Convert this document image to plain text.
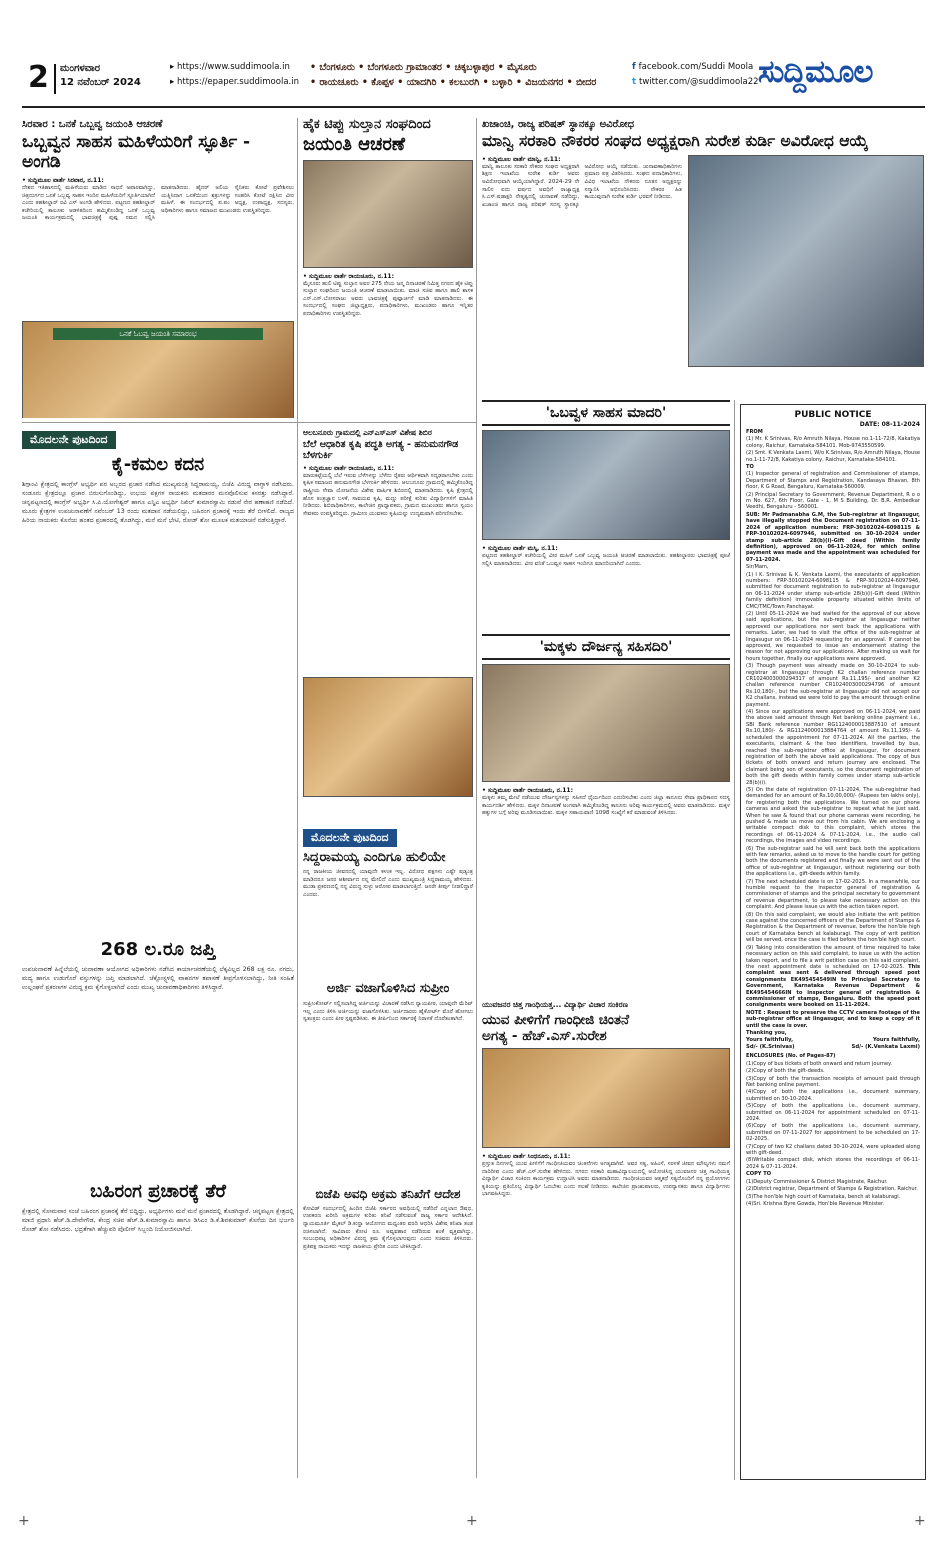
2 ಮಂಗಳವಾರ
12 ನವೆಂಬರ್ 2024
▸ https://www.suddimoola.in
▸ https://epaper.suddimoola.in
• ಬೆಂಗಳೂರು • ಬೆಂಗಳೂರು ಗ್ರಾಮಾಂತರ • ಚಿಕ್ಕಬಳ್ಳಾಪುರ • ಮೈಸೂರು
• ರಾಯಚೂರು • ಕೊಪ್ಪಳ • ಯಾದಗಿರಿ • ಕಲಬುರಗಿ • ಬಳ್ಳಾರಿ • ವಿಜಯನಗರ • ಬೀದರ
f facebook.com/Suddi Moola
t twitter.com/@suddimoola22 ಸುದ್ದಿಮೂಲ
ಸಿರವಾರ : ಒನಕೆ ಒಬ್ಬವ್ವ ಜಯಂತಿ ಆಚರಣೆ
ಒಬ್ಬವ್ವನ ಸಾಹಸ ಮಹಿಳೆಯರಿಗೆ ಸ್ಫೂರ್ತಿ - ಅಂಗಡಿ
• ಸುದ್ದಿಮೂಲ ವಾರ್ತೆ ಸಿರವಾರ, ನ.11:
ದೇಶದ ಇತಿಹಾಸದಲ್ಲಿ ಮಹಿಳೆಯರು ಮಾಡಿದ ಸಾಧನೆ ಅಪಾರವಾಗಿದ್ದು, ಚಿತ್ರದುರ್ಗದ ಒನಕೆ ಒಬ್ಬವ್ವ ಸಾಹಸ ಇಂದಿನ ಮಹಿಳೆಯರಿಗೆ ಸ್ಫೂರ್ತಿಯಾಗಿದೆ ಎಂದು ತಹಶೀಲ್ದಾರ್ ರವಿ ಎಸ್ ಅಂಗಡಿ ಹೇಳಿದರು. ಪಟ್ಟಣದ ತಹಶೀಲ್ದಾರ್ ಕಚೇರಿಯಲ್ಲಿ ತಾಲೂಕು ಆಡಳಿತದಿಂದ ಹಮ್ಮಿಕೊಂಡಿದ್ದ ಒನಕೆ ಒಬ್ಬವ್ವ ಜಯಂತಿ ಕಾರ್ಯಕ್ರಮದಲ್ಲಿ ಭಾವಚಿತ್ರಕ್ಕೆ ಪುಷ್ಪ ನಮನ ಸಲ್ಲಿಸಿ ಮಾತನಾಡಿದರು. ಹೈದರ್ ಅಲಿಯ ಸೈನಿಕರು ಕೋಟೆ ಪ್ರವೇಶಿಸಲು ಯತ್ನಿಸಿದಾಗ ಒನಕೆಯಿಂದ ಶತ್ರುಗಳನ್ನು ಸಂಹರಿಸಿ ಕೋಟೆ ರಕ್ಷಿಸಿದ ವೀರ ಮಹಿಳೆ. ಈ ಸಂದರ್ಭದಲ್ಲಿ ಪ.ಪಂ ಅಧ್ಯಕ್ಷ, ಉಪಾಧ್ಯಕ್ಷ, ಸದಸ್ಯರು, ಅಧಿಕಾರಿಗಳು ಹಾಗೂ ಸಮಾಜದ ಮುಖಂಡರು ಉಪಸ್ಥಿತರಿದ್ದರು.
ಒನಕೆ ಓಬವ್ವ ಜಯಂತಿ ಸಮಾರಂಭ
ಹೈಕ ಟಿಪ್ಪು ಸುಲ್ತಾನ ಸಂಘದಿಂದ
ಜಯಂತಿ ಆಚರಣೆ
• ಸುದ್ದಿಮೂಲ ವಾರ್ತೆ ರಾಯಚೂರು, ನ.11:
ಮೈಸೂರು ಹುಲಿ ಟಿಪ್ಪು ಸುಲ್ತಾನ ಅವರ 275 ನೇಯ ಜನ್ಮ ದಿನಾಚರಣೆ ನಿಮಿತ್ತ ನಗರದ ಹೈಕ ಟಿಪ್ಪು ಸುಲ್ತಾನ ಸಂಘದಿಂದ ಜಯಂತಿ ಆಚರಣೆ ಮಾಡಲಾಯಿತು. ಮಾಜಿ ಸಚಿವ ಹಾಗೂ ಹಾಲಿ ಶಾಸಕ ಎನ್.ಎಸ್.ಬೋಸರಾಜು ಅವರು ಭಾವಚಿತ್ರಕ್ಕೆ ಪುಷ್ಪಾರ್ಚನೆ ಮಾಡಿ ಮಾತನಾಡಿದರು. ಈ ಸಂದರ್ಭದಲ್ಲಿ ಸಂಘದ ಜಿಲ್ಲಾಧ್ಯಕ್ಷರು, ಪದಾಧಿಕಾರಿಗಳು, ಮುಖಂಡರು ಹಾಗೂ ಇನ್ನಿತರ ಪದಾಧಿಕಾರಿಗಳು ಉಪಸ್ಥಿತರಿದ್ದರು.
ಖಜಾಂಚಿ, ರಾಜ್ಯ ಪರಿಷತ್ ಸ್ಥಾನಕ್ಕೂ ಅವಿರೋಧ
ಮಾನ್ವಿ ಸರಕಾರಿ ನೌಕರರ ಸಂಘದ ಅಧ್ಯಕ್ಷರಾಗಿ ಸುರೇಶ ಕುರ್ಡಿ ಅವಿರೋಧ ಆಯ್ಕೆ
• ಸುದ್ದಿಮೂಲ ವಾರ್ತೆ ಮಾನ್ವಿ, ನ.11:
ಮಾನ್ವಿ ತಾಲೂಕು ಸರಕಾರಿ ನೌಕರರ ಸಂಘದ ಅಧ್ಯಕ್ಷರಾಗಿ ಶಿಕ್ಷಣ ಇಲಾಖೆಯ ಸುರೇಶ ಕುರ್ಡಿ ಅವರು ಅವಿರೋಧವಾಗಿ ಆಯ್ಕೆಯಾಗಿದ್ದಾರೆ. 2024-29 ನೇ ಸಾಲಿನ ಐದು ವರ್ಷದ ಅವಧಿಗೆ ರಾಜ್ಯಾಧ್ಯಕ್ಷ ಸಿ.ಎಸ್.ಷಡಾಕ್ಷರಿ ನೇತೃತ್ವದಲ್ಲಿ ಚುನಾವಣೆ ನಡೆದಿದ್ದು, ಖಜಾಂಚಿ ಹಾಗೂ ರಾಜ್ಯ ಪರಿಷತ್ ಸದಸ್ಯ ಸ್ಥಾನಕ್ಕೂ ಅವಿರೋಧ ಆಯ್ಕೆ ನಡೆಯಿತು. ಚುನಾವಣಾಧಿಕಾರಿಗಳು ಪ್ರಮಾಣ ಪತ್ರ ವಿತರಿಸಿದರು. ಸಂಘದ ಪದಾಧಿಕಾರಿಗಳು, ವಿವಿಧ ಇಲಾಖೆಯ ನೌಕರರು ನೂತನ ಅಧ್ಯಕ್ಷರನ್ನು ಸನ್ಮಾನಿಸಿ ಅಭಿನಂದಿಸಿದರು. ನೌಕರರ ಹಿತ ಕಾಯುವುದಾಗಿ ಸುರೇಶ ಕುರ್ಡಿ ಭರವಸೆ ನೀಡಿದರು.
ಮೊದಲನೇ ಪುಟದಿಂದ
ಕೈ-ಕಮಲ ಕದನ
ಶಿಗ್ಗಾಂವಿ ಕ್ಷೇತ್ರದಲ್ಲಿ ಕಾಂಗ್ರೆಸ್ ಅಭ್ಯರ್ಥಿ ಪರ ಅಬ್ಬರದ ಪ್ರಚಾರ ನಡೆಸಿದ ಮುಖ್ಯಮಂತ್ರಿ ಸಿದ್ದರಾಮಯ್ಯ, ಬಿಜೆಪಿ ವಿರುದ್ಧ ವಾಗ್ದಾಳಿ ನಡೆಸಿದರು. ಸಂಡೂರು ಕ್ಷೇತ್ರದಲ್ಲೂ ಪ್ರಚಾರ ಬಿರುಸುಗೊಂಡಿದ್ದು, ಉಭಯ ಪಕ್ಷಗಳ ನಾಯಕರು ಮತದಾರರ ಮನವೊಲಿಸುವ ಕಸರತ್ತು ನಡೆಸಿದ್ದಾರೆ. ಚನ್ನಪಟ್ಟಣದಲ್ಲಿ ಕಾಂಗ್ರೆಸ್ ಅಭ್ಯರ್ಥಿ ಸಿ.ಪಿ.ಯೋಗೇಶ್ವರ್ ಹಾಗೂ ಎನ್ಡಿಎ ಅಭ್ಯರ್ಥಿ ನಿಖಿಲ್ ಕುಮಾರಸ್ವಾಮಿ ನಡುವೆ ನೇರ ಹಣಾಹಣಿ ನಡೆದಿದೆ. ಮೂರು ಕ್ಷೇತ್ರಗಳ ಉಪಚುನಾವಣೆಗೆ ನವೆಂಬರ್ 13 ರಂದು ಮತದಾನ ನಡೆಯಲಿದ್ದು, ಬಹಿರಂಗ ಪ್ರಚಾರಕ್ಕೆ ಇಂದು ತೆರೆ ಬೀಳಲಿದೆ. ರಾಜ್ಯದ ಹಿರಿಯ ನಾಯಕರು ಕೊನೆಯ ಹಂತದ ಪ್ರಚಾರದಲ್ಲಿ ತೊಡಗಿದ್ದು, ಮನೆ ಮನೆ ಭೇಟಿ, ರೋಡ್ ಶೋ ಮೂಲಕ ಮತಯಾಚನೆ ನಡೆಸುತ್ತಿದ್ದಾರೆ.
268 ಲ.ರೂ ಜಪ್ತಿ
ಉಪಚುನಾವಣೆ ಹಿನ್ನೆಲೆಯಲ್ಲಿ ಚುನಾವಣಾ ಆಯೋಗದ ಅಧಿಕಾರಿಗಳು ನಡೆಸಿದ ಕಾರ್ಯಾಚರಣೆಯಲ್ಲಿ ಲೆಕ್ಕವಿಲ್ಲದ 268 ಲಕ್ಷ ರೂ. ನಗದು, ಮದ್ಯ ಹಾಗೂ ಉಡುಗೊರೆ ವಸ್ತುಗಳನ್ನು ಜಪ್ತಿ ಮಾಡಲಾಗಿದೆ. ಚೆಕ್ಪೋಸ್ಟ್ಗಳಲ್ಲಿ ವಾಹನಗಳ ತಪಾಸಣೆ ತೀವ್ರಗೊಳಿಸಲಾಗಿದ್ದು, ನೀತಿ ಸಂಹಿತೆ ಉಲ್ಲಂಘನೆ ಪ್ರಕರಣಗಳ ವಿರುದ್ಧ ಕ್ರಮ ಕೈಗೊಳ್ಳಲಾಗಿದೆ ಎಂದು ಮುಖ್ಯ ಚುನಾವಣಾಧಿಕಾರಿಗಳು ತಿಳಿಸಿದ್ದಾರೆ.
ಬಹಿರಂಗ ಪ್ರಚಾರಕ್ಕೆ ತೆರೆ
ಕ್ಷೇತ್ರದಲ್ಲಿ ಸೋಮವಾರ ಸಂಜೆ ಬಹಿರಂಗ ಪ್ರಚಾರಕ್ಕೆ ತೆರೆ ಬಿದ್ದಿದ್ದು, ಅಭ್ಯರ್ಥಿಗಳು ಮನೆ ಮನೆ ಪ್ರಚಾರದಲ್ಲಿ ತೊಡಗಿದ್ದಾರೆ. ಚನ್ನಪಟ್ಟಣ ಕ್ಷೇತ್ರದಲ್ಲಿ ಮಾಜಿ ಪ್ರಧಾನಿ ಹೆಚ್.ಡಿ.ದೇವೇಗೌಡ, ಕೇಂದ್ರ ಸಚಿವ ಹೆಚ್.ಡಿ.ಕುಮಾರಸ್ವಾಮಿ ಹಾಗೂ ಡಿಸಿಎಂ ಡಿ.ಕೆ.ಶಿವಕುಮಾರ್ ಕೊನೆಯ ದಿನ ಭರ್ಜರಿ ರೋಡ್ ಶೋ ನಡೆಸಿದರು. ಭದ್ರತೆಗಾಗಿ ಹೆಚ್ಚುವರಿ ಪೊಲೀಸ್ ಸಿಬ್ಬಂದಿ ನಿಯೋಜಿಸಲಾಗಿದೆ.
ಆಲಬನೂರು ಗ್ರಾಮದಲ್ಲಿ ಎನ್ಎಸ್ಎಸ್ ವಿಶೇಷ ಶಿಬಿರ
ಬೆಲೆ ಆಧಾರಿತ ಕೃಷಿ ಪದ್ಧತಿ ಅಗತ್ಯ - ಹನುಮನಗೌಡ ಬೆಳಗುರ್ಕಿ
• ಸುದ್ದಿಮೂಲ ವಾರ್ತೆ ರಾಯಚೂರು, ನ.11:
ಮಾರುಕಟ್ಟೆಯಲ್ಲಿ ಬೆಲೆ ಇರುವ ಬೆಳೆಗಳನ್ನು ಬೆಳೆದು ರೈತರು ಆರ್ಥಿಕವಾಗಿ ಸದೃಢರಾಗಬೇಕು ಎಂದು ಕೃಷಿಕ ಸಮಾಜದ ಹನುಮನಗೌಡ ಬೆಳಗುರ್ಕಿ ಹೇಳಿದರು. ಆಲಬನೂರು ಗ್ರಾಮದಲ್ಲಿ ಹಮ್ಮಿಕೊಂಡಿದ್ದ ರಾಷ್ಟ್ರೀಯ ಸೇವಾ ಯೋಜನೆಯ ವಿಶೇಷ ವಾರ್ಷಿಕ ಶಿಬಿರದಲ್ಲಿ ಮಾತನಾಡಿದರು. ಕೃಷಿ ಕ್ಷೇತ್ರದಲ್ಲಿ ಹೊಸ ತಂತ್ರಜ್ಞಾನ ಬಳಕೆ, ಸಾವಯವ ಕೃಷಿ, ಮಣ್ಣು ಪರೀಕ್ಷೆ ಕುರಿತು ವಿದ್ಯಾರ್ಥಿಗಳಿಗೆ ಮಾಹಿತಿ ನೀಡಿದರು. ಶಿಬಿರಾಧಿಕಾರಿಗಳು, ಕಾಲೇಜಿನ ಪ್ರಾಧ್ಯಾಪಕರು, ಗ್ರಾಮದ ಮುಖಂಡರು ಹಾಗೂ ಸ್ವಯಂ ಸೇವಕರು ಉಪಸ್ಥಿತರಿದ್ದರು. ಗ್ರಾಮೀಣ ಯುವಕರು ಕೃಷಿಯನ್ನು ಉದ್ಯಮವಾಗಿ ಪರಿಗಣಿಸಬೇಕು.
ಮೊದಲನೇ ಪುಟದಿಂದ
ಸಿದ್ದರಾಮಯ್ಯ ಎಂದಿಗೂ ಹುಲಿಯೇ
ನನ್ನ ರಾಜಕೀಯ ಜೀವನದಲ್ಲಿ ಯಾವುದೇ ಕಳಂಕ ಇಲ್ಲ. ವಿರೋಧ ಪಕ್ಷಗಳು ಎಷ್ಟೇ ಷಡ್ಯಂತ್ರ ಮಾಡಿದರೂ ಜನರ ಆಶೀರ್ವಾದ ನನ್ನ ಮೇಲಿದೆ ಎಂದು ಮುಖ್ಯಮಂತ್ರಿ ಸಿದ್ದರಾಮಯ್ಯ ಹೇಳಿದರು. ಮುಡಾ ಪ್ರಕರಣದಲ್ಲಿ ನನ್ನ ವಿರುದ್ಧ ಸುಳ್ಳು ಆರೋಪ ಮಾಡಲಾಗುತ್ತಿದೆ. ಜನರೇ ತೀರ್ಪು ನೀಡಲಿದ್ದಾರೆ ಎಂದರು.
ಅರ್ಜಿ ವಜಾಗೊಳಿಸಿದ ಸುಪ್ರೀಂ
ಸುಪ್ರೀಂಕೋರ್ಟ್ ಸಲ್ಲಿಸಲಾಗಿದ್ದ ಅರ್ಜಿಯನ್ನು ವಿಚಾರಣೆ ನಡೆಸಿದ ನ್ಯಾಯಪೀಠ, ಯಾವುದೇ ಮೆರಿಟ್ ಇಲ್ಲ ಎಂದು ತಿಳಿಸಿ ಅರ್ಜಿಯನ್ನು ವಜಾಗೊಳಿಸಿತು. ಅರ್ಜಿದಾರರು ಹೈಕೋರ್ಟ್ ಮೊರೆ ಹೋಗಲು ಸ್ವತಂತ್ರರು ಎಂದು ಪೀಠ ಸ್ಪಷ್ಟಪಡಿಸಿತು. ಈ ತೀರ್ಪಿನಿಂದ ಸರ್ಕಾರಕ್ಕೆ ನಿರಾಳತೆ ದೊರೆತಂತಾಗಿದೆ.
ಬಿಜೆಪಿ ಅವಧಿ ಅಕ್ರಮ ತನಿಖೆಗೆ ಆದೇಶ
ಕೋವಿಡ್ ಸಂದರ್ಭದಲ್ಲಿ ಹಿಂದಿನ ಬಿಜೆಪಿ ಸರ್ಕಾರದ ಅವಧಿಯಲ್ಲಿ ನಡೆದಿದೆ ಎನ್ನಲಾದ ಔಷಧ, ಉಪಕರಣ ಖರೀದಿ ಅಕ್ರಮಗಳ ಕುರಿತು ತನಿಖೆ ನಡೆಸುವಂತೆ ರಾಜ್ಯ ಸರ್ಕಾರ ಆದೇಶಿಸಿದೆ. ನ್ಯಾಯಮೂರ್ತಿ ಮೈಕಲ್ ಡಿ.ಕುನ್ಹಾ ಆಯೋಗದ ಮಧ್ಯಂತರ ವರದಿ ಆಧರಿಸಿ ವಿಶೇಷ ತನಿಖಾ ತಂಡ ರಚಿಸಲಾಗಿದೆ. ಸಾವಿರಾರು ಕೋಟಿ ರೂ. ಅವ್ಯವಹಾರ ನಡೆದಿರುವ ಶಂಕೆ ವ್ಯಕ್ತವಾಗಿದ್ದು, ಸಂಬಂಧಪಟ್ಟ ಅಧಿಕಾರಿಗಳ ವಿರುದ್ಧ ಕ್ರಮ ಕೈಗೊಳ್ಳಲಾಗುವುದು ಎಂದು ಸಚಿವರು ತಿಳಿಸಿದರು. ಪ್ರತಿಪಕ್ಷ ನಾಯಕರು ಇದನ್ನು ರಾಜಕೀಯ ಪ್ರೇರಿತ ಎಂದು ಟೀಕಿಸಿದ್ದಾರೆ.
'ಒಬವ್ವಳ ಸಾಹಸ ಮಾದರಿ'
• ಸುದ್ದಿಮೂಲ ವಾರ್ತೆ ಮಸ್ಕಿ, ನ.11:
ಪಟ್ಟಣದ ತಹಶೀಲ್ದಾರ್ ಕಚೇರಿಯಲ್ಲಿ ವೀರ ಮಹಿಳೆ ಒನಕೆ ಒಬ್ಬವ್ವ ಜಯಂತಿ ಆಚರಣೆ ಮಾಡಲಾಯಿತು. ತಹಶೀಲ್ದಾರರು ಭಾವಚಿತ್ರಕ್ಕೆ ಪೂಜೆ ಸಲ್ಲಿಸಿ ಮಾತನಾಡಿದರು. ವೀರ ವನಿತೆ ಒಬವ್ವಳ ಸಾಹಸ ಇಂದಿಗೂ ಮಾದರಿಯಾಗಿದೆ ಎಂದರು.
'ಮಕ್ಕಳು ದೌರ್ಜನ್ಯ ಸಹಿಸದಿರಿ'
• ಸುದ್ದಿಮೂಲ ವಾರ್ತೆ ರಾಯಚೂರು, ನ.11:
ಮಕ್ಕಳು ತಮ್ಮ ಮೇಲೆ ನಡೆಯುವ ದೌರ್ಜನ್ಯಗಳನ್ನು ಸಹಿಸದೆ ಧೈರ್ಯದಿಂದ ಎದುರಿಸಬೇಕು ಎಂದು ಜಿಲ್ಲಾ ಕಾನೂನು ಸೇವಾ ಪ್ರಾಧಿಕಾರದ ಸದಸ್ಯ ಕಾರ್ಯದರ್ಶಿ ಹೇಳಿದರು. ಮಕ್ಕಳ ದಿನಾಚರಣೆ ಅಂಗವಾಗಿ ಹಮ್ಮಿಕೊಂಡಿದ್ದ ಕಾನೂನು ಅರಿವು ಕಾರ್ಯಕ್ರಮದಲ್ಲಿ ಅವರು ಮಾತನಾಡಿದರು. ಮಕ್ಕಳ ಹಕ್ಕುಗಳ ಬಗ್ಗೆ ಅರಿವು ಮೂಡಿಸಲಾಯಿತು. ಮಕ್ಕಳ ಸಹಾಯವಾಣಿ 1098 ಸಂಖ್ಯೆಗೆ ಕರೆ ಮಾಡುವಂತೆ ತಿಳಿಸಿದರು.
ಯುವಜನರ ಚಿತ್ತ ಗಾಂಧಿಯತ್ತ... ವಿದ್ಯಾರ್ಥಿ ವಿಚಾರ ಸಂಕಿರಣ
ಯುವ ಪೀಳಿಗೆಗೆ ಗಾಂಧೀಜಿ ಚಿಂತನೆ
ಅಗತ್ಯ - ಹೆಚ್.ಎಸ್.ಸುರೇಶ
• ಸುದ್ದಿಮೂಲ ವಾರ್ತೆ ಸಿಂಧನೂರು, ನ.11:
ಪ್ರಸ್ತುತ ದಿನಗಳಲ್ಲಿ ಯುವ ಪೀಳಿಗೆಗೆ ಗಾಂಧೀಜಿಯವರ ಚಿಂತನೆಗಳು ಅಗತ್ಯವಾಗಿವೆ. ಅವರ ಸತ್ಯ, ಅಹಿಂಸೆ, ಸರಳತೆ ಜೀವನ ಮೌಲ್ಯಗಳು ನಮಗೆ ದಾರಿದೀಪ ಎಂದು ಹೆಚ್.ಎಸ್.ಸುರೇಶ ಹೇಳಿದರು. ನಗರದ ಸರಕಾರಿ ಮಹಾವಿದ್ಯಾಲಯದಲ್ಲಿ ಆಯೋಜಿಸಿದ್ದ ಯುವಜನರ ಚಿತ್ತ ಗಾಂಧಿಯತ್ತ ವಿದ್ಯಾರ್ಥಿ ವಿಚಾರ ಸಂಕಿರಣ ಕಾರ್ಯಕ್ರಮ ಉದ್ಘಾಟಿಸಿ ಅವರು ಮಾತನಾಡಿದರು. ಗಾಂಧೀಜಿಯವರ ಆತ್ಮಕಥೆ ಸತ್ಯದೊಂದಿಗೆ ನನ್ನ ಪ್ರಯೋಗಗಳು ಕೃತಿಯನ್ನು ಪ್ರತಿಯೊಬ್ಬ ವಿದ್ಯಾರ್ಥಿ ಓದಬೇಕು ಎಂದು ಸಲಹೆ ನೀಡಿದರು. ಕಾಲೇಜಿನ ಪ್ರಾಂಶುಪಾಲರು, ಉಪನ್ಯಾಸಕರು ಹಾಗೂ ವಿದ್ಯಾರ್ಥಿಗಳು ಭಾಗವಹಿಸಿದ್ದರು.
PUBLIC NOTICE
DATE: 08-11-2024

FROM

(1) Mr. K Srinivas, R/o Amruth Nilaya, House no.1-11-72/8, Kakatiya colony, Raichur, Karnataka-584101. Mob-9743550599.

(2) Smt. K Venkata Laxmi, W/o K.Srinivas, R/o Amruth Nilaya, House no.1-11-72/8, Kakatiya colony, Raichur, Karnataka-584101.

TO

(1) Inspector general of registration and Commissioner of stamps, Department of Stamps and Registration, Kandasaya Bhavan, 8th floor, K G Road, Bengaluru, Karnataka-560009.

(2) Principal Secretary to Government, Revenue Department, R o o m No. 627, 6th Floor, Gate - 1, M S Building, Dr. B.R. Ambedkar Veedhi, Bengaluru - 560001.

SUB: Mr Padmanabha G.M, the Sub-registrar at lingasugur, have illegally stopped the Document registration on 07-11-2024 of application numbers: FRP-30102024-6098115 & FRP-30102024-6097946, submitted on 30-10-2024 under stamp sub-article 28(b)(i)-Gift deed (Within family definition), approved on 06-11-2024, for which online payment was made and the appointment was scheduled for 07-11-2024.

Sir/Mam,

(1) I K. Srinivas & K. Venkata Laxmi, the executants of application numbers: FRP-30102024-6098115 & FRP-30102024-6097946, submitted for document registration to sub-registrar at lingasugur on 06-11-2024 under stamp sub-article 28(b)(i)-Gift deed (Within family definition) immovable property situated within limits of CMC/TMC/Town Panchayat.

(2) Until 05-11-2024 we had waited for the approval of our above said applications, but the sub-registrar at lingasugur neither approved our applications nor sent back the applications with remarks. Later, we had to visit the office of the sub-registrar at lingasugur on 06-11-2024 requesting for an approval. If cannot be approved, we requested to issue an endorsement stating the reason for not approving our applications. After making us wait for hours together, finally our applications were approved.

(3) Though payment was already made on 30-10-2024 to sub-registrar at lingasugur through K2 challan reference number CR1024003000294317 of amount Rs.11,195/- and another K2 challan reference number CR1024003000294796 of amount Rs.10,180/-, but the sub-registrar at lingasugur did not accept our K2 challans, instead we were told to pay the amount through online payment.

(4) Since our applications were approved on 06-11-2024, we paid the above said amount through Net banking online payment i.e., SBI Bank reference number RG1124000013887510 of amount Rs.10,180/- & RG1124000013884764 of amount Rs.11,195/- & scheduled the appointment for 07-11-2024. All the parties, the executants, claimant & the two identifiers, travelled by bus, reached the sub-registrar office at lingasugur, for document registration of both the above said applications. The copy of bus tickets of both onward and return journey are enclosed. The claimant being son of executants, so the document registration of both the gift deeds within family comes under stamp sub-article 28(b)(i).

(5) On the date of registration 07-11-2024, The sub-registrar had demanded for an amount of Rs.10,00,000/- (Rupees ten lakhs only), for registering both the applications. We turned on our phone cameras and asked the sub-registrar to repeat what he just said. When he saw & found that our phone cameras were recording, he pushed & made us move out from his cabin. We are enclosing a writable compact disk to this complaint, which stores the recordings of 06-11-2024 & 07-11-2024, i.e., the audio call recordings, the images and video recordings.

(6) The sub-registrar said he will sent back both the applications with few remarks, asked us to move to the handle court for getting both the documents registered and finally we were sent out of the office of sub-registrar at lingasugur, without registering our both the applications i.e., gift-deeds within family.

(7) The next scheduled date is on 17-02-2025. In a meanwhile, our humble request to the inspector general of registration & commissioner of stamps and the principal secretary to government of revenue department, to please take necessary action on this complaint. And please issue us with the action taken report.

(8) On this said complaint, we would also initiate the writ petition case against the concerned officers of the Department of Stamps & Registration & the Department of revenue, before the hon'ble high court of Karnataka bench at kalaburagi. The copy of writ petition will be served, once the case is filed before the hon'ble high court.

(9) Taking into consideration the amount of time required to take necessary action on this said complaint, to issue us with the action taken report, and to file a writ petition case on this said complaint, the next appointment date is scheduled on 17-02-2025. This complaint was sent & delivered through speed post consignments EK495454549IN to Principal Secretary to Government, Karnataka Revenue Department & EK495454666IN to inspector general of registration & commissioner of stamps, Bengaluru. Both the speed post consignments were booked on 11-11-2024.

NOTE : Request to preserve the CCTV camera footage of the sub-registrar office at lingasugur, and to keep a copy of it until the case is over.

Thanking you,

Yours faithfully,
Sd/- (K.Srinivas)
Yours faithfully,
Sd/- (K.Venkata Laxmi)

ENCLOSURES (No. of Pages-87)

(1)Copy of bus tickets of both onward and return journey.

(2)Copy of both the gift-deeds.

(3)Copy of both the transaction receipts of amount paid through Net banking online payment.

(4)Copy of both the applications i.e., document summary, submitted on 30-10-2024.

(5)Copy of both the applications i.e., document summary, submitted on 06-11-2024 for appointment scheduled on 07-11-2024.

(6)Copy of both the applications i.e., document summary, submitted on 07-11-2027 for appointment to be scheduled on 17-02-2025.

(7)Copy of two K2 challans dated 30-10-2024, were uploaded along with gift-deed.

(8)Writable compact disk, which stores the recordings of 06-11-2024 & 07-11-2024.

COPY TO

(1)Deputy Commissioner & District Magistrate, Raichur.

(2)District registrar, Department of Stamps & Registration, Raichur.

(3)The hon'ble high court of Karnataka, bench at kalaburagi.

(4)Sri. Krishna Byre Gowda, Hon'ble Revenue Minister.

+	+	+
